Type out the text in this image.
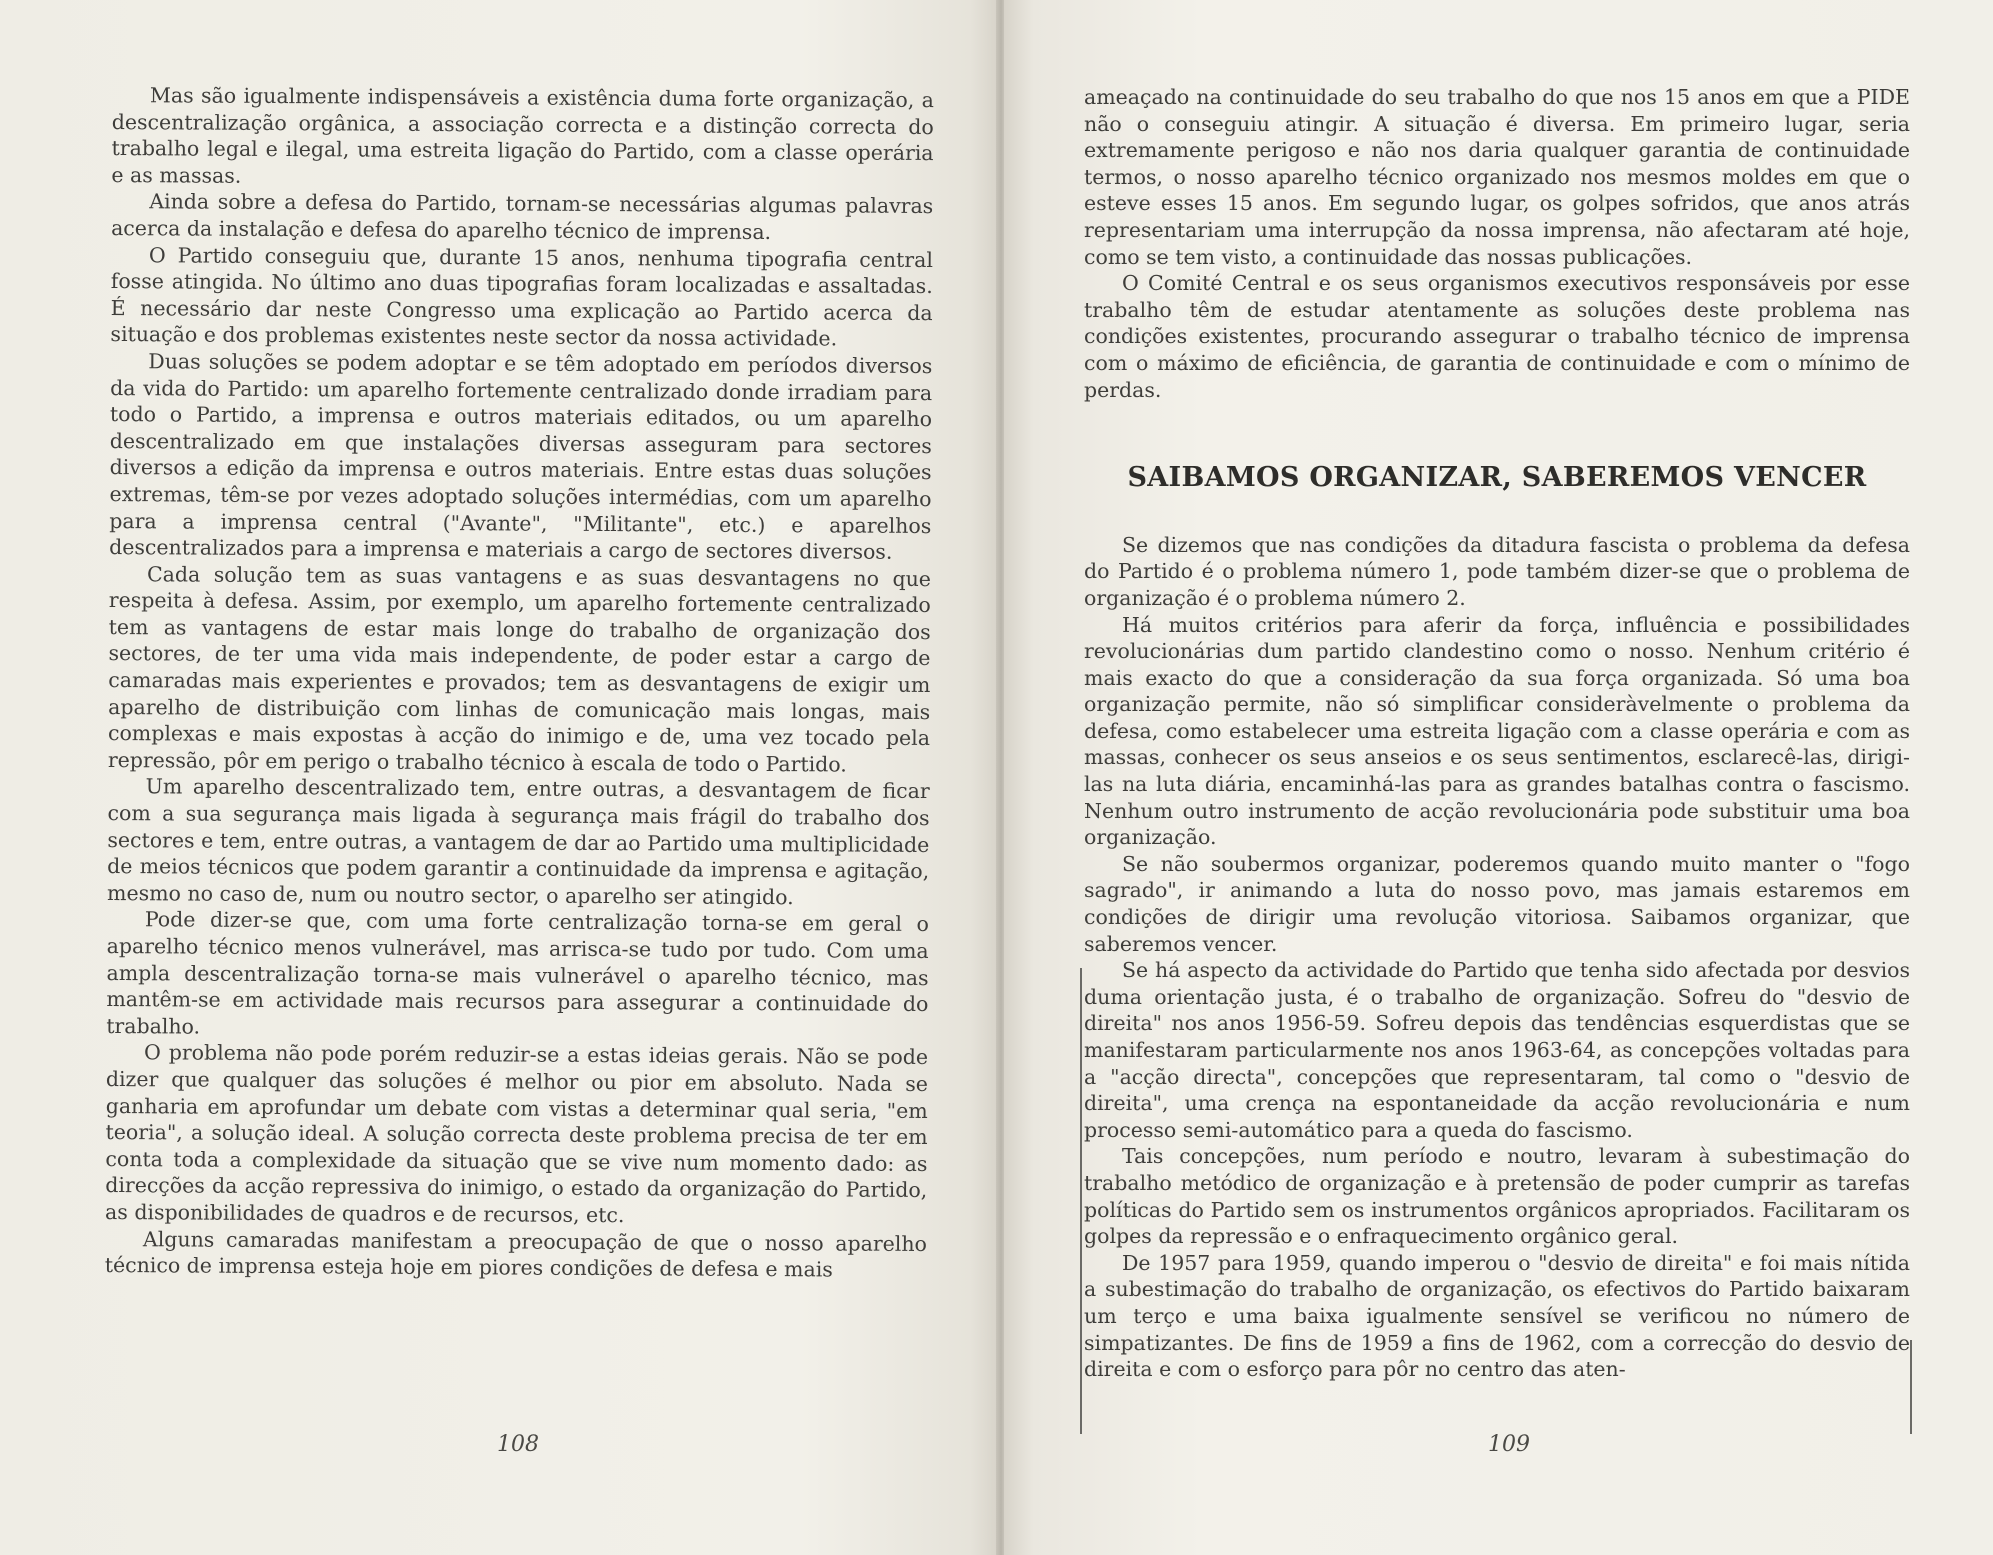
Mas são igualmente indispensáveis a existência duma forte organização, a descentralização orgânica, a associação correcta e a distinção correcta do trabalho legal e ilegal, uma estreita ligação do Partido, com a classe operária e as massas.

Ainda sobre a defesa do Partido, tornam-se necessárias algumas palavras acerca da instalação e defesa do aparelho técnico de imprensa.

O Partido conseguiu que, durante 15 anos, nenhuma tipografia central fosse atingida. No último ano duas tipografias foram localizadas e assaltadas. É necessário dar neste Congresso uma explicação ao Partido acerca da situação e dos problemas existentes neste sector da nossa actividade.

Duas soluções se podem adoptar e se têm adoptado em períodos diversos da vida do Partido: um aparelho fortemente centralizado donde irradiam para todo o Partido, a imprensa e outros materiais editados, ou um aparelho descentralizado em que instalações diversas asseguram para sectores diversos a edição da imprensa e outros materiais. Entre estas duas soluções extremas, têm-se por vezes adoptado soluções intermédias, com um aparelho para a imprensa central ("Avante", "Militante", etc.) e aparelhos descentralizados para a imprensa e materiais a cargo de sectores diversos.

Cada solução tem as suas vantagens e as suas desvantagens no que respeita à defesa. Assim, por exemplo, um aparelho fortemente centralizado tem as vantagens de estar mais longe do trabalho de organização dos sectores, de ter uma vida mais independente, de poder estar a cargo de camaradas mais experientes e provados; tem as desvantagens de exigir um aparelho de distribuição com linhas de comunicação mais longas, mais complexas e mais expostas à acção do inimigo e de, uma vez tocado pela repressão, pôr em perigo o trabalho técnico à escala de todo o Partido.

Um aparelho descentralizado tem, entre outras, a desvantagem de ficar com a sua segurança mais ligada à segurança mais frágil do trabalho dos sectores e tem, entre outras, a vantagem de dar ao Partido uma multiplicidade de meios técnicos que podem garantir a continuidade da imprensa e agitação, mesmo no caso de, num ou noutro sector, o aparelho ser atingido.

Pode dizer-se que, com uma forte centralização torna-se em geral o aparelho técnico menos vulnerável, mas arrisca-se tudo por tudo. Com uma ampla descentralização torna-se mais vulnerável o aparelho técnico, mas mantêm-se em actividade mais recursos para assegurar a continuidade do trabalho.

O problema não pode porém reduzir-se a estas ideias gerais. Não se pode dizer que qualquer das soluções é melhor ou pior em absoluto. Nada se ganharia em aprofundar um debate com vistas a determinar qual seria, "em teoria", a solução ideal. A solução correcta deste problema precisa de ter em conta toda a complexidade da situação que se vive num momento dado: as direcções da acção repressiva do inimigo, o estado da organização do Partido, as disponibilidades de quadros e de recursos, etc.

Alguns camaradas manifestam a preocupação de que o nosso aparelho técnico de imprensa esteja hoje em piores condições de defesa e mais

108

ameaçado na continuidade do seu trabalho do que nos 15 anos em que a PIDE não o conseguiu atingir. A situação é diversa. Em primeiro lugar, seria extremamente perigoso e não nos daria qualquer garantia de continuidade termos, o nosso aparelho técnico organizado nos mesmos moldes em que o esteve esses 15 anos. Em segundo lugar, os golpes sofridos, que anos atrás representariam uma interrupção da nossa imprensa, não afectaram até hoje, como se tem visto, a continuidade das nossas publicações.

O Comité Central e os seus organismos executivos responsáveis por esse trabalho têm de estudar atentamente as soluções deste problema nas condições existentes, procurando assegurar o trabalho técnico de imprensa com o máximo de eficiência, de garantia de continuidade e com o mínimo de perdas.

SAIBAMOS ORGANIZAR, SABEREMOS VENCER

Se dizemos que nas condições da ditadura fascista o problema da defesa do Partido é o problema número 1, pode também dizer-se que o problema de organização é o problema número 2.

Há muitos critérios para aferir da força, influência e possibilidades revolucionárias dum partido clandestino como o nosso. Nenhum critério é mais exacto do que a consideração da sua força organizada. Só uma boa organização permite, não só simplificar consideràvelmente o problema da defesa, como estabelecer uma estreita ligação com a classe operária e com as massas, conhecer os seus anseios e os seus sentimentos, esclarecê-las, dirigi-las na luta diária, encaminhá-las para as grandes batalhas contra o fascismo. Nenhum outro instrumento de acção revolucionária pode substituir uma boa organização.

Se não soubermos organizar, poderemos quando muito manter o "fogo sagrado", ir animando a luta do nosso povo, mas jamais estaremos em condições de dirigir uma revolução vitoriosa. Saibamos organizar, que saberemos vencer.

Se há aspecto da actividade do Partido que tenha sido afectada por desvios duma orientação justa, é o trabalho de organização. Sofreu do "desvio de direita" nos anos 1956-59. Sofreu depois das tendências esquerdistas que se manifestaram particularmente nos anos 1963-64, as concepções voltadas para a "acção directa", concepções que representaram, tal como o "desvio de direita", uma crença na espontaneidade da acção revolucionária e num processo semi-automático para a queda do fascismo.

Tais concepções, num período e noutro, levaram à subestimação do trabalho metódico de organização e à pretensão de poder cumprir as tarefas políticas do Partido sem os instrumentos orgânicos apropriados. Facilitaram os golpes da repressão e o enfraquecimento orgânico geral.

De 1957 para 1959, quando imperou o "desvio de direita" e foi mais nítida a subestimação do trabalho de organização, os efectivos do Partido baixaram um terço e uma baixa igualmente sensível se verificou no número de simpatizantes. De fins de 1959 a fins de 1962, com a correcção do desvio de direita e com o esforço para pôr no centro das aten-

109
